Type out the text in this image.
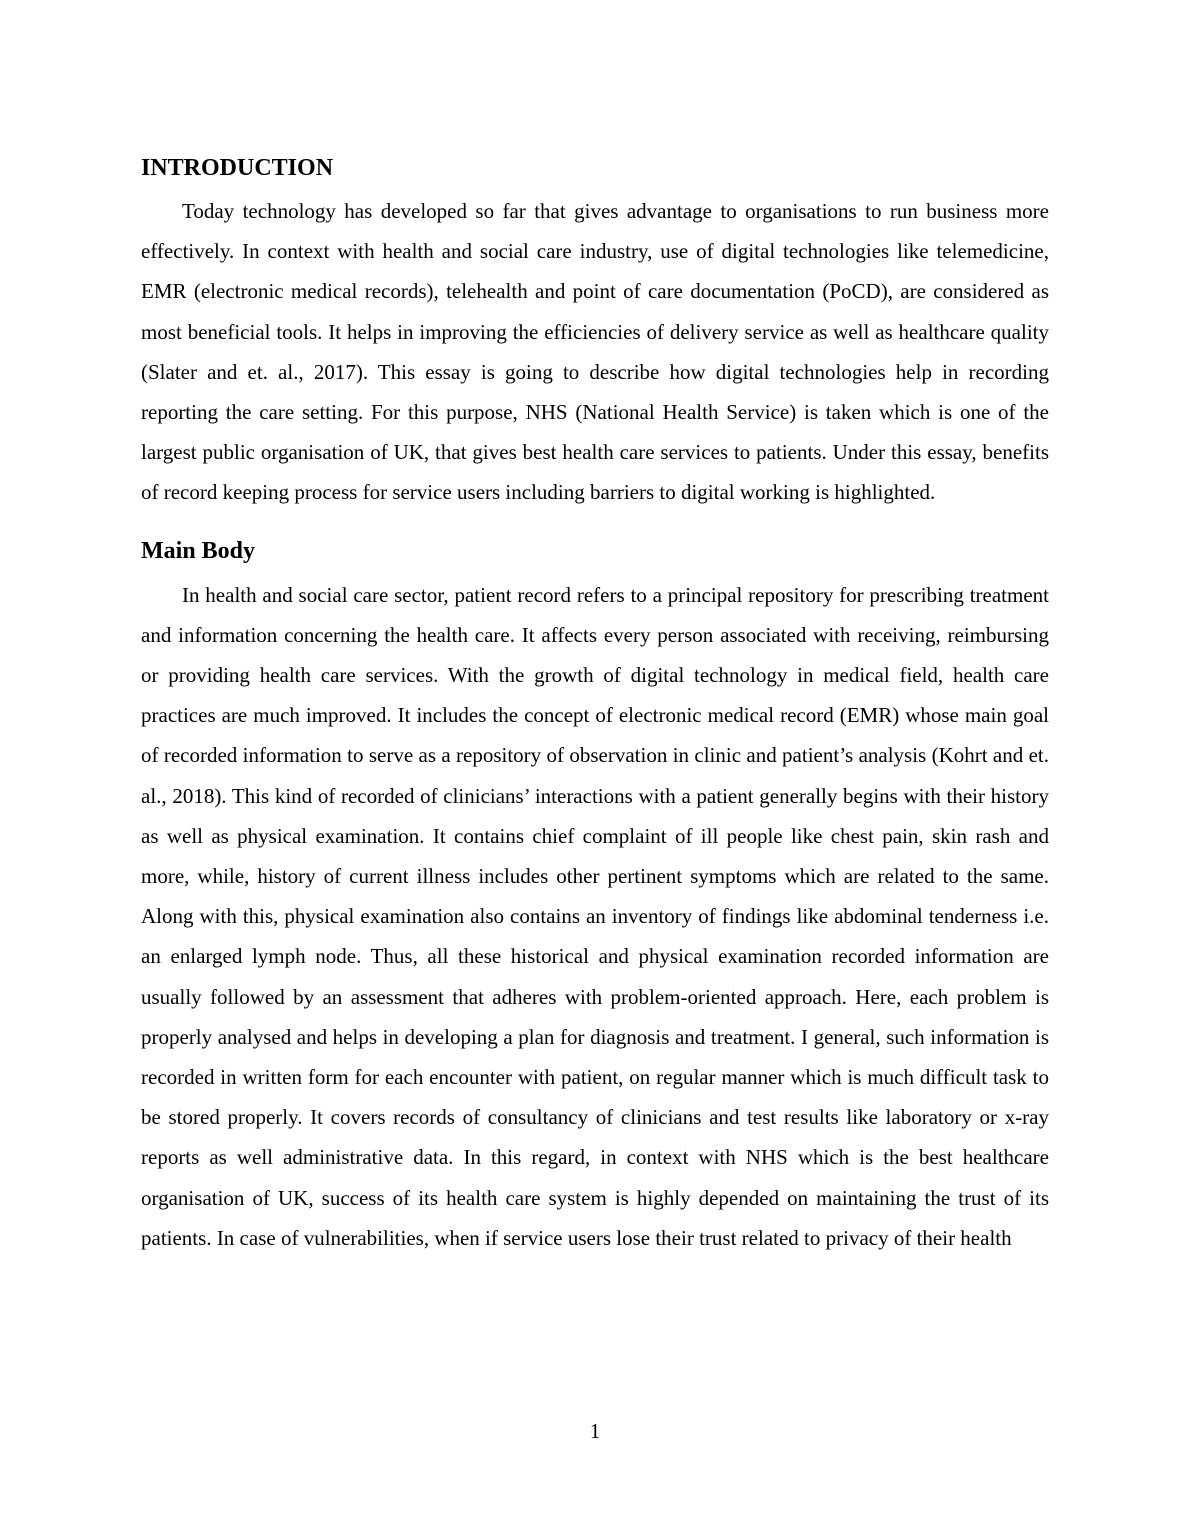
INTRODUCTION

Today technology has developed so far that gives advantage to organisations to run business more effectively. In context with health and social care industry, use of digital technologies like telemedicine, EMR (electronic medical records), telehealth and point of care documentation (PoCD), are considered as most beneficial tools. It helps in improving the efficiencies of delivery service as well as healthcare quality (Slater and et. al., 2017). This essay is going to describe how digital technologies help in recording reporting the care setting. For this purpose, NHS (National Health Service) is taken which is one of the largest public organisation of UK, that gives best health care services to patients. Under this essay, benefits of record keeping process for service users including barriers to digital working is highlighted.

Main Body

In health and social care sector, patient record refers to a principal repository for prescribing treatment and information concerning the health care. It affects every person associated with receiving, reimbursing or providing health care services. With the growth of digital technology in medical field, health care practices are much improved. It includes the concept of electronic medical record (EMR) whose main goal of recorded information to serve as a repository of observation in clinic and patient’s analysis (Kohrt and et. al., 2018). This kind of recorded of clinicians’ interactions with a patient generally begins with their history as well as physical examination. It contains chief complaint of ill people like chest pain, skin rash and more, while, history of current illness includes other pertinent symptoms which are related to the same. Along with this, physical examination also contains an inventory of findings like abdominal tenderness i.e. an enlarged lymph node. Thus, all these historical and physical examination recorded information are usually followed by an assessment that adheres with problem-oriented approach. Here, each problem is properly analysed and helps in developing a plan for diagnosis and treatment. I general, such information is recorded in written form for each encounter with patient, on regular manner which is much difficult task to be stored properly. It covers records of consultancy of clinicians and test results like laboratory or x-ray reports as well administrative data. In this regard, in context with NHS which is the best healthcare organisation of UK, success of its health care system is highly depended on maintaining the trust of its patients. In case of vulnerabilities, when if service users lose their trust related to privacy of their health

1
